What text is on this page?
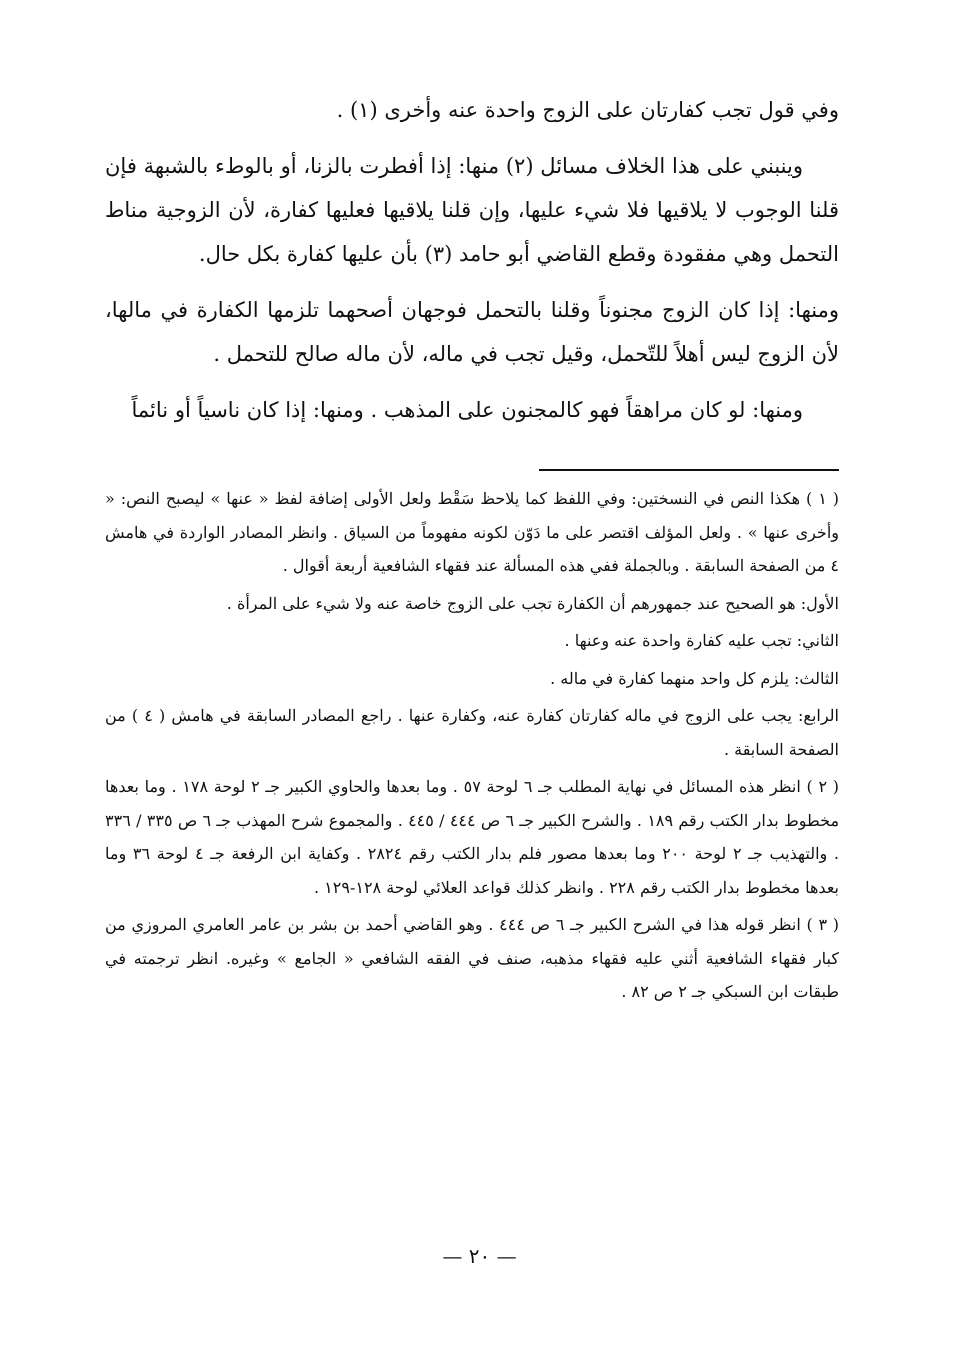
وفي قول تجب كفارتان على الزوج واحدة عنه وأخرى (١) .

وينبني على هذا الخلاف مسائل (٢) منها: إذا أفطرت بالزنا، أو بالوطء بالشبهة فإن قلنا الوجوب لا يلاقيها فلا شيء عليها، وإن قلنا يلاقيها فعليها كفارة، لأن الزوجية مناط التحمل وهي مفقودة وقطع القاضي أبو حامد (٣) بأن عليها كفارة بكل حال.

ومنها: إذا كان الزوج مجنوناً وقلنا بالتحمل فوجهان أصحهما تلزمها الكفارة في مالها، لأن الزوج ليس أهلاً للتّحمل، وقيل تجب في ماله، لأن ماله صالح للتحمل .

ومنها: لو كان مراهقاً فهو كالمجنون على المذهب . ومنها: إذا كان ناسياً أو نائماً

( ١ ) هكذا النص في النسختين: وفي اللفظ كما يلاحظ سَقْط ولعل الأولى إضافة لفظ « عنها » ليصبح النص: « وأخرى عنها » . ولعل المؤلف اقتصر على ما دَوّن لكونه مفهوماً من السياق . وانظر المصادر الواردة في هامش ٤ من الصفحة السابقة . وبالجملة ففي هذه المسألة عند فقهاء الشافعية أربعة أقوال .

الأول: هو الصحيح عند جمهورهم أن الكفارة تجب على الزوج خاصة عنه ولا شيء على المرأة .

الثاني: تجب عليه كفارة واحدة عنه وعنها .

الثالث: يلزم كل واحد منهما كفارة في ماله .

الرابع: يجب على الزوج في ماله كفارتان كفارة عنه، وكفارة عنها . راجع المصادر السابقة في هامش ( ٤ ) من الصفحة السابقة .

( ٢ ) انظر هذه المسائل في نهاية المطلب جـ ٦ لوحة ٥٧ . وما بعدها والحاوي الكبير جـ ٢ لوحة ١٧٨ . وما بعدها مخطوط بدار الكتب رقم ١٨٩ . والشرح الكبير جـ ٦ ص ٤٤٤ / ٤٤٥ . والمجموع شرح المهذب جـ ٦ ص ٣٣٥ / ٣٣٦ . والتهذيب جـ ٢ لوحة ٢٠٠ وما بعدها مصور فلم بدار الكتب رقم ٢٨٢٤ . وكفاية ابن الرفعة جـ ٤ لوحة ٣٦ وما بعدها مخطوط بدار الكتب رقم ٢٢٨ . وانظر كذلك قواعد العلائي لوحة ١٢٨-١٢٩ .

( ٣ ) انظر قوله هذا في الشرح الكبير جـ ٦ ص ٤٤٤ . وهو القاضي أحمد بن بشر بن عامر العامري المروزي من كبار فقهاء الشافعية أثني عليه فقهاء مذهبه، صنف في الفقه الشافعي « الجامع » وغيره. انظر ترجمته في طبقات ابن السبكي جـ ٢ ص ٨٢ .

— ٢٠ —
